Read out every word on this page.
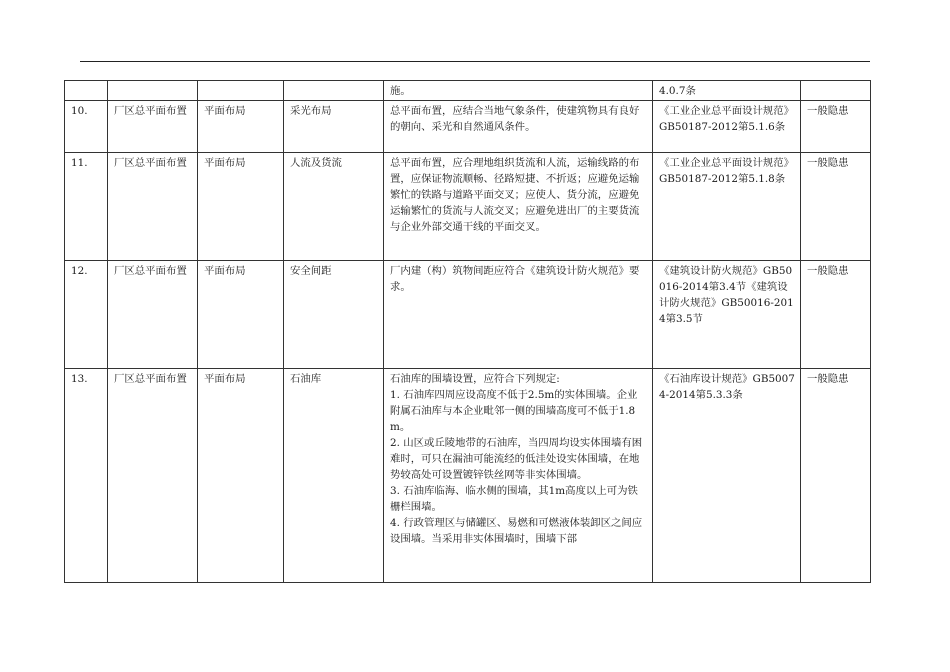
				施。	4.0.7条	
10.	厂区总平面布置	平面布局	采光布局	总平面布置，应结合当地气象条件，使建筑物具有良好的朝向、采光和自然通风条件。	《工业企业总平面设计规范》GB50187-2012第5.1.6条	一般隐患
11.	厂区总平面布置	平面布局	人流及货流	总平面布置，应合理地组织货流和人流，运输线路的布置，应保证物流顺畅、径路短捷、不折返；应避免运输繁忙的铁路与道路平面交叉；应使人、货分流，应避免运输繁忙的货流与人流交叉；应避免进出厂的主要货流与企业外部交通干线的平面交叉。	《工业企业总平面设计规范》GB50187-2012第5.1.8条	一般隐患
12.	厂区总平面布置	平面布局	安全间距	厂内建（构）筑物间距应符合《建筑设计防火规范》要求。	《建筑设计防火规范》GB50016-2014第3.4节《建筑设计防火规范》GB50016-2014第3.5节	一般隐患
13.	厂区总平面布置	平面布局	石油库	石油库的围墙设置，应符合下列规定:
1. 石油库四周应设高度不低于2.5m的实体围墙。企业附属石油库与本企业毗邻一侧的围墙高度可不低于1.8m。
2. 山区或丘陵地带的石油库，当四周均设实体围墙有困难时，可只在漏油可能流经的低洼处设实体围墙，在地势较高处可设置镀锌铁丝网等非实体围墙。
3. 石油库临海、临水侧的围墙，其1m高度以上可为铁栅栏围墙。
4. 行政管理区与储罐区、易燃和可燃液体装卸区之间应设围墙。当采用非实体围墙时，围墙下部	《石油库设计规范》GB50074-2014第5.3.3条	一般隐患
